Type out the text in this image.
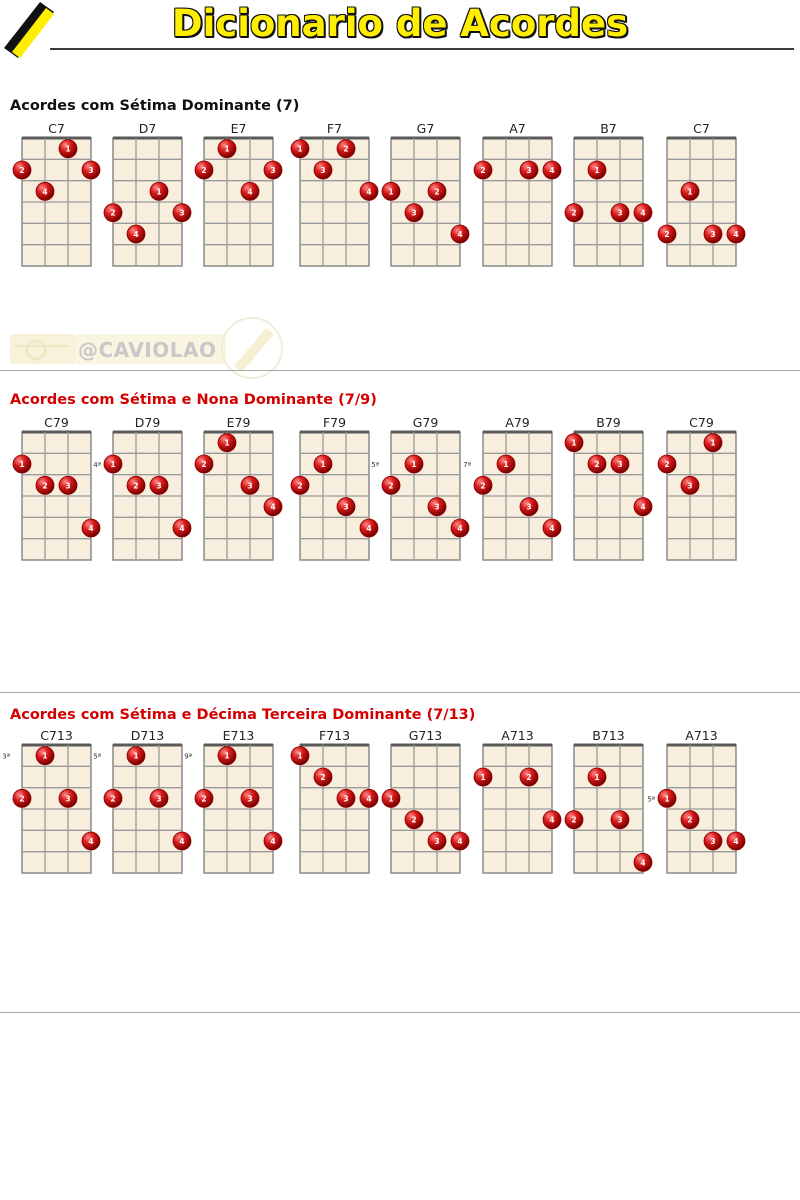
Dicionario de Acordes
@CAVIOLAO
Acordes com Sétima Dominante (7)
C7
1
2	3
4
D7
1
2	3
4
E7
1
2	3
4
F7
1	2
3
4
G7
1	2
3
4
A7
2	3 4
B7
1
2	3 4
C7
1
2	3 4
Acordes com Sétima e Nona Dominante (7/9)
C79
1
2 3
4
D79
4ª 1
2 3
4
E79
1
2
3
4
F79
1
2
3
4
G79
5ª	1
2
3
4
A79
7ª	1
2
3
4
B79
1
2 3
4
C79
1
2
3
Acordes com Sétima e Décima Terceira Dominante (7/13)
C713
3ª	1
2	3
4
D713
5ª	1
2	3
4
E713
9ª	1
2	3
4
F713
1
2
3 4
G713
1
2
3 4
A713
1	2
4
B713
1
2	3
4
A713
5ª 1
2
3 4
